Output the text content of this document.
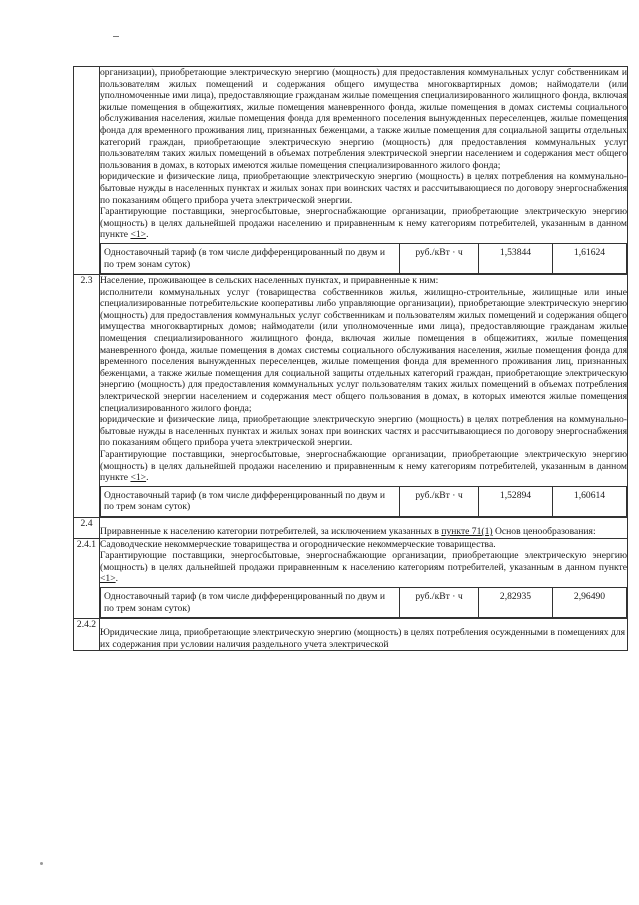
организации), приобретающие электрическую энергию (мощность) для предоставления коммунальных услуг собственникам и пользователям жилых помещений и содержания общего имущества многоквартирных домов; наймодатели (или уполномоченные ими лица), предоставляющие гражданам жилые помещения специализированного жилищного фонда, включая жилые помещения в общежитиях, жилые помещения маневренного фонда, жилые помещения в домах системы социального обслуживания населения, жилые помещения фонда для временного поселения вынужденных переселенцев, жилые помещения фонда для временного проживания лиц, признанных беженцами, а также жилые помещения для социальной защиты отдельных категорий граждан, приобретающие электрическую энергию (мощность) для предоставления коммунальных услуг пользователям таких жилых помещений в объемах потребления электрической энергии населением и содержания мест общего пользования в домах, в которых имеются жилые помещения специализированного жилого фонда;
юридические и физические лица, приобретающие электрическую энергию (мощность) в целях потребления на коммунально-бытовые нужды в населенных пунктах и жилых зонах при воинских частях и рассчитывающиеся по договору энергоснабжения по показаниям общего прибора учета электрической энергии.
Гарантирующие поставщики, энергосбытовые, энергоснабжающие организации, приобретающие электрическую энергию (мощность) в целях дальнейшей продажи населению и приравненным к нему категориям потребителей, указанным в данном пункте <1>.
Одноставочный тариф (в том числе дифференцированный по двум и по трем зонам суток)	руб./кВт · ч	1,53844	1,61624

2.3	Население, проживающее в сельских населенных пунктах, и приравненные к ним:
исполнители коммунальных услуг (товарищества собственников жилья, жилищно-строительные, жилищные или иные специализированные потребительские кооперативы либо управляющие организации), приобретающие электрическую энергию (мощность) для предоставления коммунальных услуг собственникам и пользователям жилых помещений и содержания общего имущества многоквартирных домов; наймодатели (или уполномоченные ими лица), предоставляющие гражданам жилые помещения специализированного жилищного фонда, включая жилые помещения в общежитиях, жилые помещения маневренного фонда, жилые помещения в домах системы социального обслуживания населения, жилые помещения фонда для временного поселения вынужденных переселенцев, жилые помещения фонда для временного проживания лиц, признанных беженцами, а также жилые помещения для социальной защиты отдельных категорий граждан, приобретающие электрическую энергию (мощность) для предоставления коммунальных услуг пользователям таких жилых помещений в объемах потребления электрической энергии населением и содержания мест общего пользования в домах, в которых имеются жилые помещения специализированного жилого фонда;
юридические и физические лица, приобретающие электрическую энергию (мощность) в целях потребления на коммунально-бытовые нужды в населенных пунктах и жилых зонах при воинских частях и рассчитывающиеся по договору энергоснабжения по показаниям общего прибора учета электрической энергии.
Гарантирующие поставщики, энергосбытовые, энергоснабжающие организации, приобретающие электрическую энергию (мощность) в целях дальнейшей продажи населению и приравненным к нему категориям потребителей, указанным в данном пункте <1>.
Одноставочный тариф (в том числе дифференцированный по двум и по трем зонам суток)	руб./кВт · ч	1,52894	1,60614

2.4	
Приравненные к населению категории потребителей, за исключением указанных в пункте 71(1) Основ ценообразования:

2.4.1	Садоводческие некоммерческие товарищества и огороднические некоммерческие товарищества.
Гарантирующие поставщики, энергосбытовые, энергоснабжающие организации, приобретающие электрическую энергию (мощность) в целях дальнейшей продажи приравненным к населению категориям потребителей, указанным в данном пункте <1>.
Одноставочный тариф (в том числе дифференцированный по двум и по трем зонам суток)	руб./кВт · ч	2,82935	2,96490

2.4.2	
Юридические лица, приобретающие электрическую энергию (мощность) в целях потребления осужденными в помещениях для их содержания при условии наличия раздельного учета электрической
